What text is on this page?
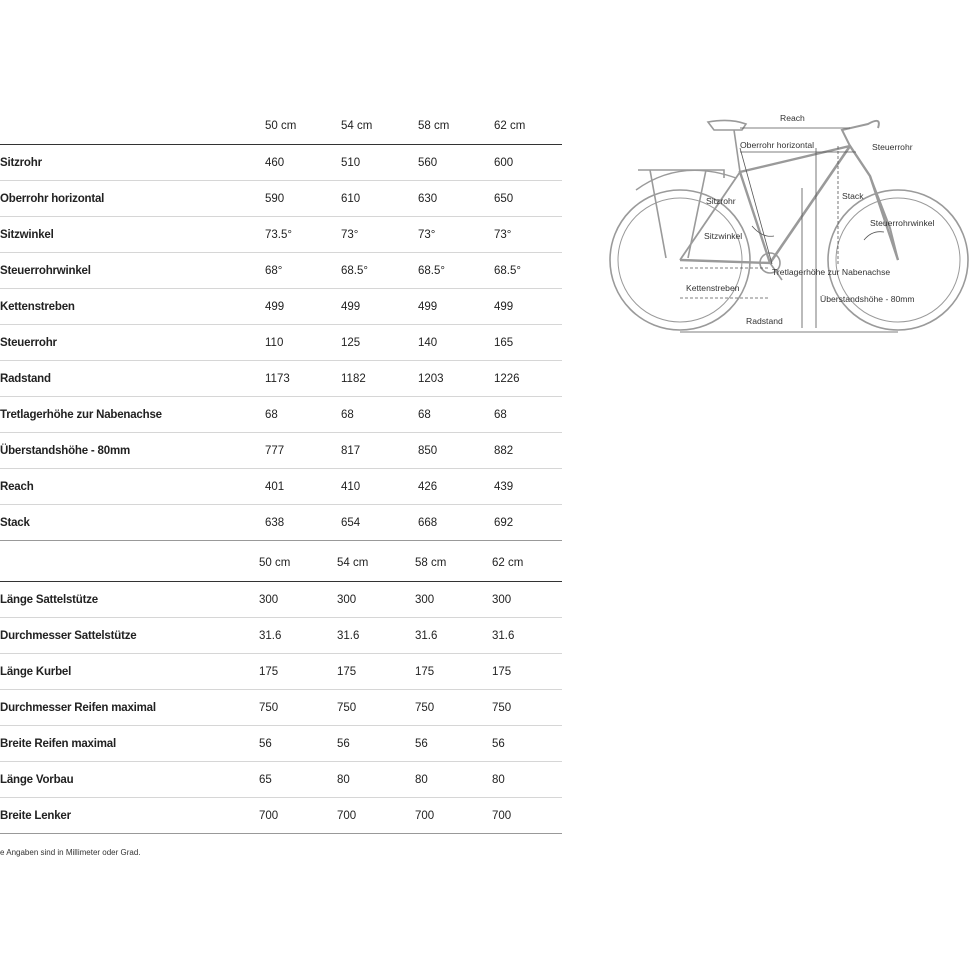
50 cm	54 cm	58 cm	62 cm
Sitzrohr	460	510	560	600
Oberrohr horizontal	590	610	630	650
Sitzwinkel	73.5°	73°	73°	73°
Steuerrohrwinkel	68°	68.5°	68.5°	68.5°
Kettenstreben	499	499	499	499
Steuerrohr	110	125	140	165
Radstand	1173	1182	1203	1226
Tretlagerhöhe zur Nabenachse	68	68	68	68
Überstandshöhe - 80mm	777	817	850	882
Reach	401	410	426	439
Stack	638	654	668	692
50 cm	54 cm	58 cm	62 cm
Länge Sattelstütze	300	300	300	300
Durchmesser Sattelstütze	31.6	31.6	31.6	31.6
Länge Kurbel	175	175	175	175
Durchmesser Reifen maximal	750	750	750	750
Breite Reifen maximal	56	56	56	56
Länge Vorbau	65	80	80	80
Breite Lenker	700	700	700	700
e Angaben sind in Millimeter oder Grad.
Reach
Oberrohr horizontal	Steuerrohr
Stack
Sitzrohr
Steuerrohrwinkel
Sitzwinkel
Tretlagerhöhe zur Nabenachse
Kettenstreben
Überstandshöhe - 80mm
Radstand
